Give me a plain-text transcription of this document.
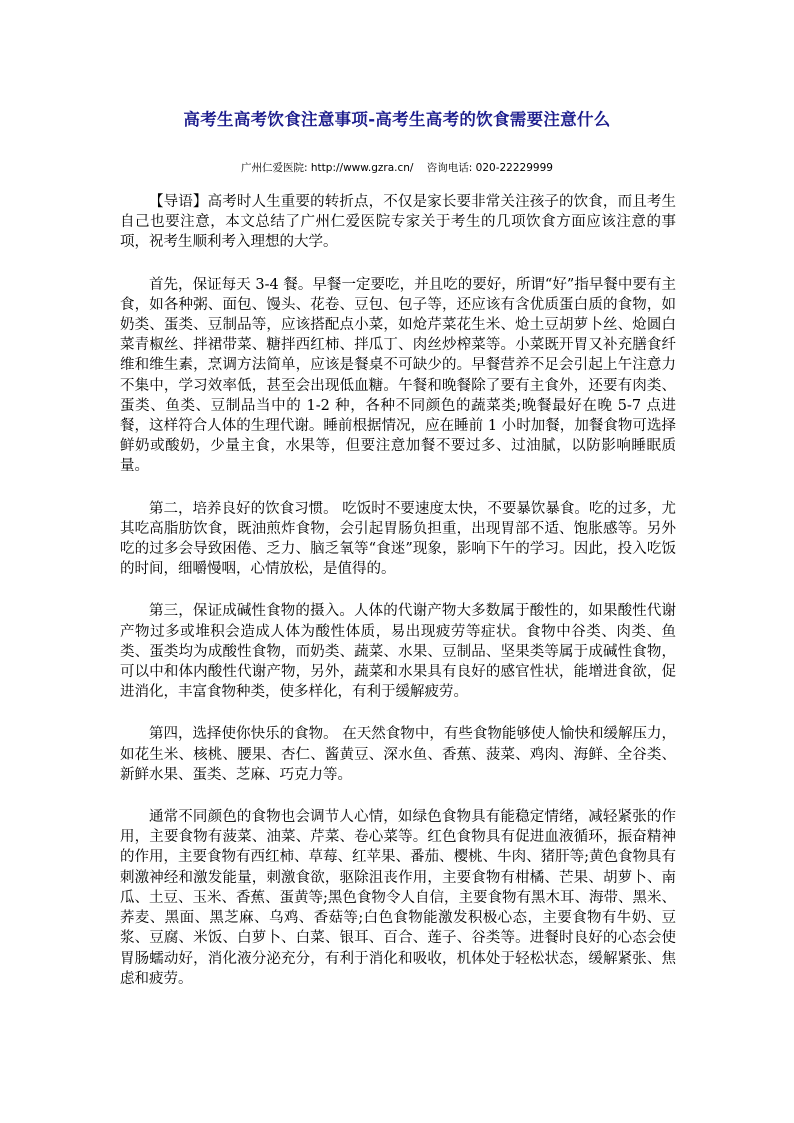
高考生高考饮食注意事项-高考生高考的饮食需要注意什么
广州仁爱医院: http://www.gzra.cn/    咨询电话: 020-22229999

【导语】高考时人生重要的转折点，不仅是家长要非常关注孩子的饮食，而且考生自己也要注意，本文总结了广州仁爱医院专家关于考生的几项饮食方面应该注意的事项，祝考生顺利考入理想的大学。

首先，保证每天 3-4 餐。早餐一定要吃，并且吃的要好，所谓“好”指早餐中要有主食，如各种粥、面包、馒头、花卷、豆包、包子等，还应该有含优质蛋白质的食物，如奶类、蛋类、豆制品等，应该搭配点小菜，如炝芹菜花生米、炝土豆胡萝卜丝、炝圆白菜青椒丝、拌裙带菜、糖拌西红柿、拌瓜丁、肉丝炒榨菜等。小菜既开胃又补充膳食纤维和维生素，烹调方法简单，应该是餐桌不可缺少的。早餐营养不足会引起上午注意力不集中，学习效率低，甚至会出现低血糖。午餐和晚餐除了要有主食外，还要有肉类、蛋类、鱼类、豆制品当中的 1-2 种，各种不同颜色的蔬菜类;晚餐最好在晚 5-7 点进餐，这样符合人体的生理代谢。睡前根据情况，应在睡前 1 小时加餐，加餐食物可选择鲜奶或酸奶，少量主食，水果等，但要注意加餐不要过多、过油腻，以防影响睡眠质量。

第二，培养良好的饮食习惯。 吃饭时不要速度太快，不要暴饮暴食。吃的过多，尤其吃高脂肪饮食，既油煎炸食物，会引起胃肠负担重，出现胃部不适、饱胀感等。另外吃的过多会导致困倦、乏力、脑乏氧等“食迷”现象，影响下午的学习。因此，投入吃饭的时间，细嚼慢咽，心情放松，是值得的。

第三，保证成碱性食物的摄入。人体的代谢产物大多数属于酸性的，如果酸性代谢产物过多或堆积会造成人体为酸性体质，易出现疲劳等症状。食物中谷类、肉类、鱼类、蛋类均为成酸性食物，而奶类、蔬菜、水果、豆制品、坚果类等属于成碱性食物，可以中和体内酸性代谢产物，另外，蔬菜和水果具有良好的感官性状，能增进食欲，促进消化，丰富食物种类，使多样化，有利于缓解疲劳。

第四，选择使你快乐的食物。 在天然食物中，有些食物能够使人愉快和缓解压力，如花生米、核桃、腰果、杏仁、酱黄豆、深水鱼、香蕉、菠菜、鸡肉、海鲜、全谷类、新鲜水果、蛋类、芝麻、巧克力等。

通常不同颜色的食物也会调节人心情，如绿色食物具有能稳定情绪，减轻紧张的作用，主要食物有菠菜、油菜、芹菜、卷心菜等。红色食物具有促进血液循环，振奋精神的作用，主要食物有西红柿、草莓、红苹果、番茄、樱桃、牛肉、猪肝等;黄色食物具有刺激神经和激发能量，刺激食欲，驱除沮丧作用，主要食物有柑橘、芒果、胡萝卜、南瓜、土豆、玉米、香蕉、蛋黄等;黑色食物令人自信，主要食物有黑木耳、海带、黑米、荞麦、黑面、黑芝麻、乌鸡、香菇等;白色食物能激发积极心态，主要食物有牛奶、豆浆、豆腐、米饭、白萝卜、白菜、银耳、百合、莲子、谷类等。进餐时良好的心态会使胃肠蠕动好，消化液分泌充分，有利于消化和吸收，机体处于轻松状态，缓解紧张、焦虑和疲劳。
